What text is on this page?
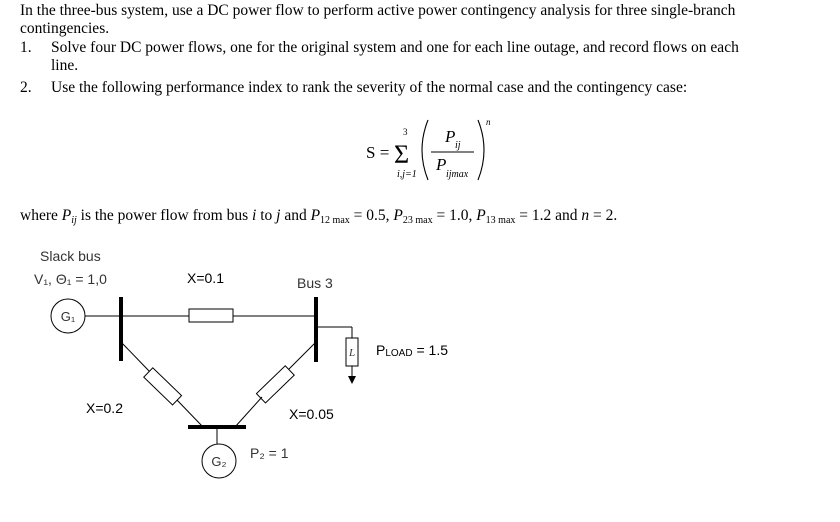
In the three-bus system, use a DC power flow to perform active power contingency analysis for three single-branch
contingencies.
1. Solve four DC power flows, one for the original system and one for each line outage, and record flows on each
line.
2. Use the following performance index to rank the severity of the normal case and the contingency case:
S = Σ
3
i,j=1
P ij
P
ijmax
n
where Pij is the power flow from bus i to j and P12 max = 0.5, P23 max = 1.0, P13 max = 1.2 and n = 2.
Slack bus
V₁, Θ₁ = 1,0	X=0.1	Bus 3
G₁
L PLOAD = 1.5
X=0.2	X=0.05
G₂
P₂ = 1
